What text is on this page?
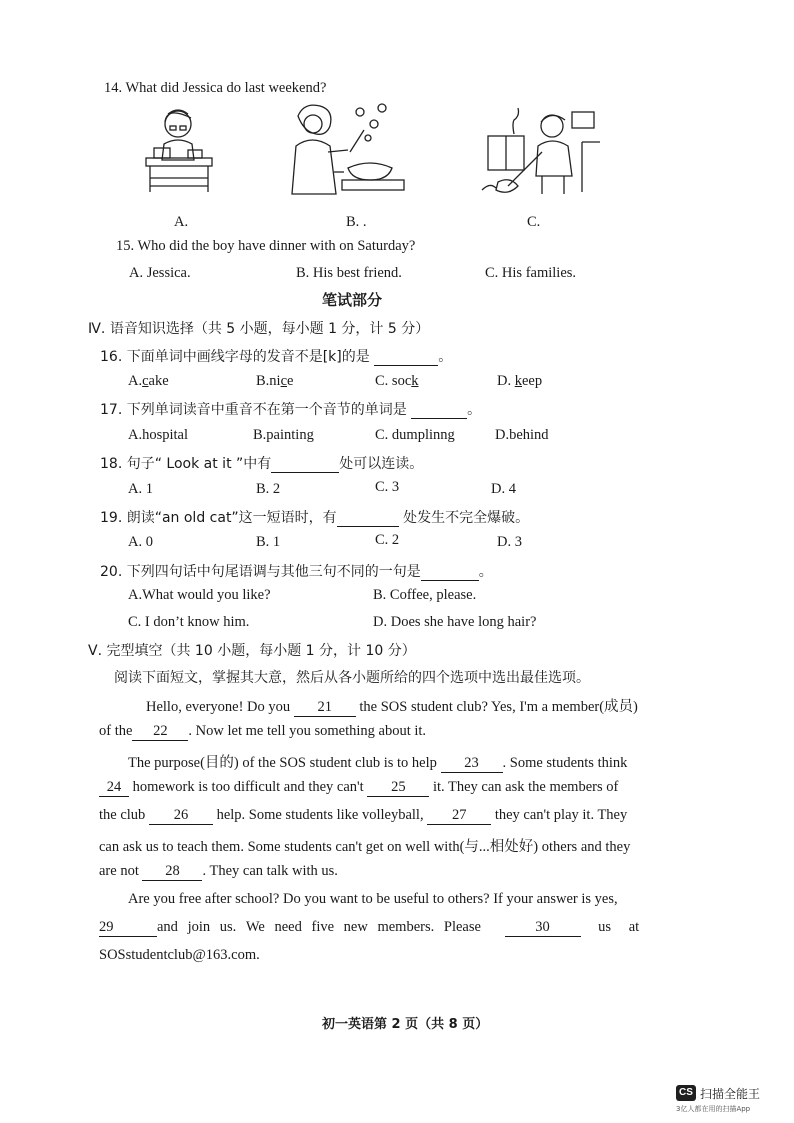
14. What did Jessica do last weekend?
A.	B. .	C.
15. Who did the boy have dinner with on Saturday?
A. Jessica.	B. His best friend.	C. His families.
笔试部分
Ⅳ. 语音知识选择（共 5 小题，每小题 1 分，计 5 分）
16. 下面单词中画线字母的发音不是[k]的是	。
A.cake	B.nice	C. sock	D. keep
17. 下列单词读音中重音不在第一个音节的单词是	。
A.hospital	B.painting	C. dumplinng	D.behind
18. 句子“ Look at it ”中有	处可以连读。
A. 1	B. 2	C. 3	D. 4
19. 朗读“an old cat”这一短语时，有	处发生不完全爆破。
A. 0	B. 1	C. 2	D. 3
20. 下列四句话中句尾语调与其他三句不同的一句是	。
A.What would you like?	B. Coffee, please.
C. I don’t know him.	D. Does she have long hair?
Ⅴ. 完型填空（共 10 小题，每小题 1 分，计 10 分）
阅读下面短文，掌握其大意，然后从各小题所给的四个选项中选出最佳选项。
Hello, everyone! Do you 21 the SOS student club? Yes, I'm a member(成员)
of the 22 . Now let me tell you something about it.
The purpose(目的) of the SOS student club is to help 23 . Some students think
24 homework is too difficult and they can't 25 it. They can ask the members of
the club 26 help. Some students like volleyball, 27 they can't play it. They
can ask us to teach them. Some students can't get on well with(与...相处好) others and they
are not 28 . They can talk with us.
Are you free after school? Do you want to be useful to others? If your answer is yes,
29	and join us. We need five new members. Please	30	us at
SOSstudentclub@163.com.
初一英语第 2 页（共 8 页）
CS 扫描全能王
3亿人都在用的扫描App
